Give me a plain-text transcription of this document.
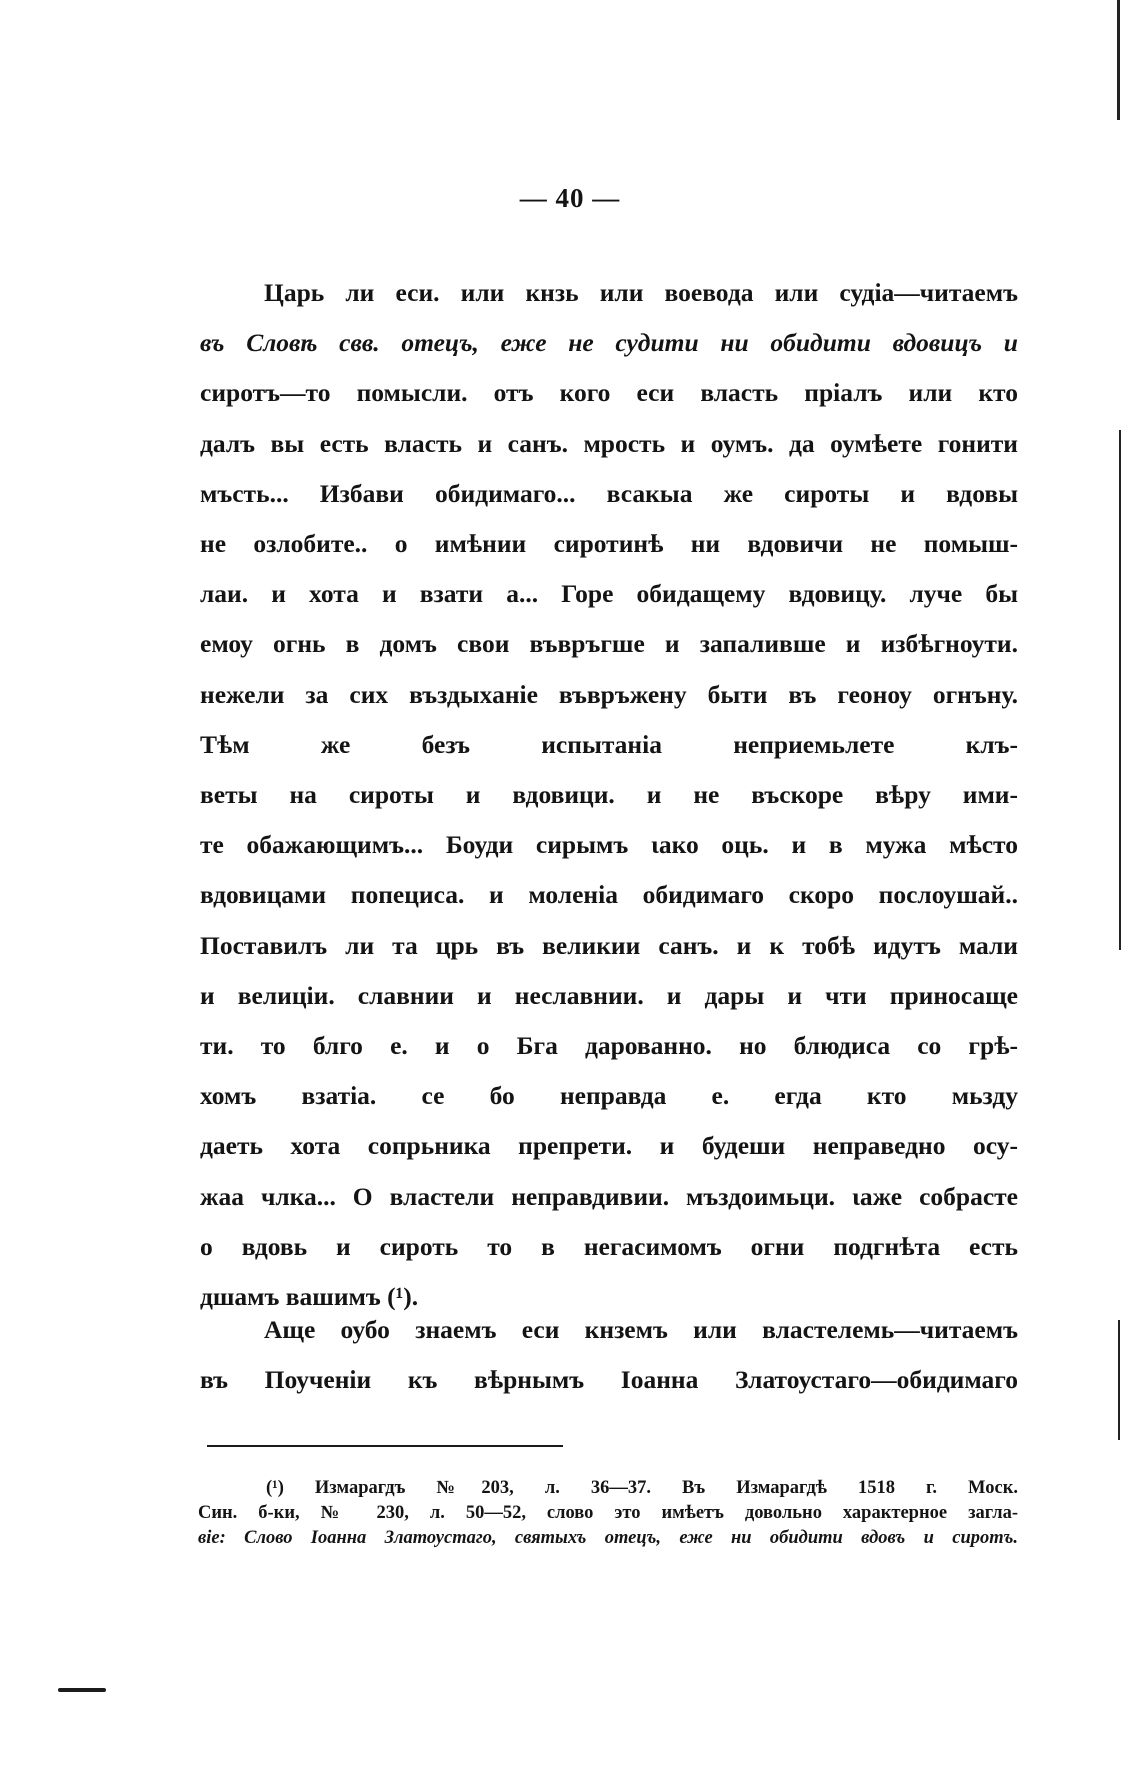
— 40 —
Царь ли еси. или кнзь или воевода или судіа—читаемъ
въ Словѣ свв. отецъ, еже не судити ни обидити вдовицъ и
сиротъ—то помысли. отъ кого еси власть пріалъ или кто
далъ вы есть власть и санъ. мрость и оумъ. да оумѣете гонити
мъсть... Избави обидимаго... всакыа же сироты и вдовы
не озлобите.. о имѣнии сиротинѣ ни вдовичи не помыш-
лаи. и хота и взати а... Горе обидащему вдовицу. луче бы
емоу огнь в домъ свои въвръгше и запаливше и избѣгноути.
нежели за сих въздыханіе въвръжену быти въ геоноу огнъну.
Тѣм же безъ испытаніа неприемьлете клъ-
веты на сироты и вдовици. и не въскоре вѣру ими-
те обажающимъ... Боуди сирымъ ιако оць. и в мужа мѣсто
вдовицами попециса. и моленіа обидимаго скоро послоушай..
Поставилъ ли та црь въ великии санъ. и к тобѣ идутъ мали
и велицiи. славнии и неславнии. и дары и чти приносаще
ти. то блго е. и о Бга дарованно. но блюдиса со грѣ-
хомъ взатіа. се бо неправда е. егда кто мьзду
даеть хота сопрьника препрети. и будеши неправедно осу-
жаа члка... О властели неправдивии. мъздоимьци. ιаже собрасте
о вдовь и сироть то в негасимомъ огни подгнѣта есть
дшамъ вашимъ (¹).
Аще оубо знаемъ еси кнземъ или властелемь—читаемъ
въ Поученіи къ вѣрнымъ Іоанна Златоустаго—обидимаго
(¹) Измарагдъ №203, л. 36—37. Въ Измарагдѣ 1518 г. Моск.
Син. б-ки, № 230, л. 50—52, слово это имѣетъ довольно характерное загла-
віе: Слово Іоанна Златоустаго, святыхъ отецъ, еже ни обидити вдовъ и сиротъ.
